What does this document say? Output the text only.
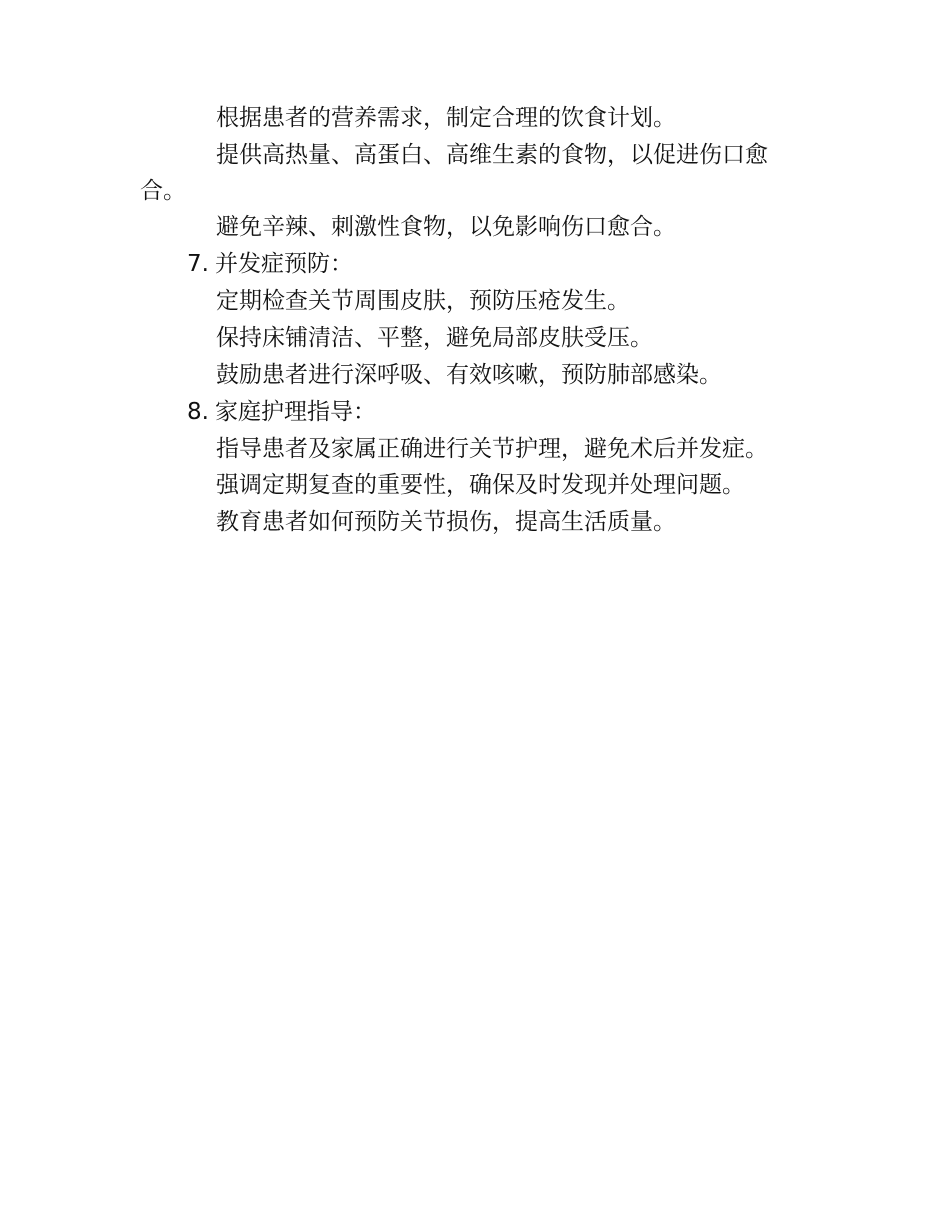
根据患者的营养需求，制定合理的饮食计划。

提供高热量、高蛋白、高维生素的食物，以促进伤口愈合。

避免辛辣、刺激性食物，以免影响伤口愈合。

7. 并发症预防：

定期检查关节周围皮肤，预防压疮发生。

保持床铺清洁、平整，避免局部皮肤受压。

鼓励患者进行深呼吸、有效咳嗽，预防肺部感染。

8. 家庭护理指导：

指导患者及家属正确进行关节护理，避免术后并发症。

强调定期复查的重要性，确保及时发现并处理问题。

教育患者如何预防关节损伤，提高生活质量。
